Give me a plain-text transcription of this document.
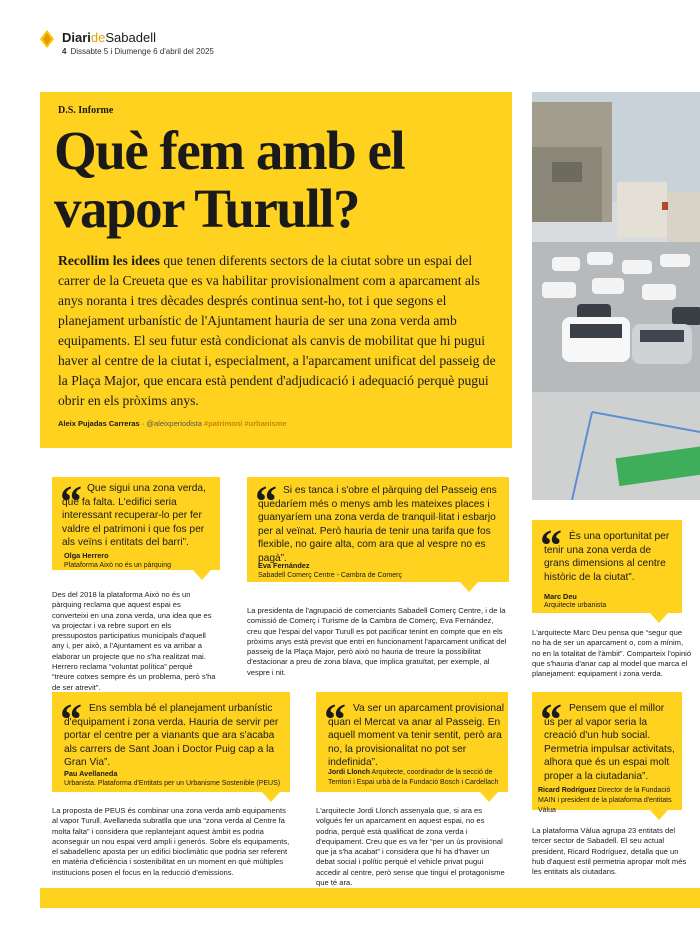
DiarideSabadell
4 Dissabte 5 i Diumenge 6 d'abril del 2025
D.S. Informe
Què fem amb el vapor Turull?

Recollim les idees que tenen diferents sectors de la ciutat sobre un espai del carrer de la Creueta que es va habilitar provisionalment com a aparcament als anys noranta i tres dècades després continua sent-ho, tot i que segons el planejament urbanístic de l'Ajuntament hauria de ser una zona verda amb equipaments. El seu futur està condicionat als canvis de mobilitat que hi pugui haver al centre de la ciutat i, especialment, a l'aparcament unificat del passeig de la Plaça Major, que encara està pendent d'adjudicació i adequació perquè pugui obrir en els pròxims anys.

Aleix Pujadas Carreras · @aleixperiodista #patrimoni #urbanisme
“ Que sigui una zona verda, que fa falta. L'edifici seria interessant recuperar-lo per fer valdre el patrimoni i que fos per als veïns i entitats del barri”.

Olga Herrero

Plataforma Això no és un pàrquing

Des del 2018 la plataforma Això no és un pàrquing reclama que aquest espai es converteixi en una zona verda, una idea que es va projectar i va rebre suport en els pressupostos participatius municipals d'aquell any i, per això, a l'Ajuntament es va arribar a elaborar un projecte que no s'ha realitzat mai. Herrero reclama “voluntat política” perquè “treure cotxes sempre és un problema, però s'ha de ser atrevit”.

“ Si es tanca i s'obre el pàrquing del Passeig ens quedaríem més o menys amb les mateixes places i guanyaríem una zona verda de tranquil·litat i esbarjo per al veïnat. Però hauria de tenir una tarifa que fos flexible, no gaire alta, com ara que al vespre no es pagà”.

Eva Fernández

Sabadell Comerç Centre - Cambra de Comerç

La presidenta de l'agrupació de comerciants Sabadell Comerç Centre, i de la comissió de Comerç i Turisme de la Cambra de Comerç, Eva Fernández, creu que l'espai del vapor Turull es pot pacificar tenint en compte que en els pròxims anys està previst que entri en funcionament l'aparcament unificat del passeig de la Plaça Major, però això no hauria de treure la possibilitat d'estacionar a preu de zona blava, que implica gratuïtat, per exemple, al vespre i nit.

“ És una oportunitat per tenir una zona verda de grans dimensions al centre històric de la ciutat”.

Marc Deu

Arquitecte urbanista

L'arquitecte Marc Deu pensa que “segur que no ha de ser un aparcament o, com a mínim, no en la totalitat de l'àmbit”. Comparteix l'opinió que s'hauria d'anar cap al model que marca el planejament: equipament i zona verda.

“ Ens sembla bé el planejament urbanístic d'equipament i zona verda. Hauria de servir per portar el centre per a vianants que ara s'acaba als carrers de Sant Joan i Doctor Puig cap a la Gran Via”.

Pau Avellaneda

Urbanista. Plataforma d'Entitats per un Urbanisme Sostenible (PEUS)

La proposta de PEUS és combinar una zona verda amb equipaments al vapor Turull. Avellaneda subratlla que una “zona verda al Centre fa molta falta” i considera que replantejant aquest àmbit es podria aconseguir un nou espai verd ampli i generós. Sobre els equipaments, el sabadellenc aposta per un edifici bioclimàtic que podria ser referent en matèria d'eficiència i sostenibilitat en un moment en què múltiples institucions posen el focus en la reducció d'emissions.

“ Va ser un aparcament provisional quan el Mercat va anar al Passeig. En aquell moment va tenir sentit, però ara no, la provisionalitat no pot ser indefinida”.

Jordi Llonch Arquitecte, coordinador de la secció de Territori i Espai urbà de la Fundació Bosch i Cardellach

L'arquitecte Jordi Llonch assenyala que, si ara es volgués fer un aparcament en aquest espai, no es podria, perquè està qualificat de zona verda i d'equipament. Creu que es va fer “per un ús provisional que ja s'ha acabat” i considera que hi ha d'haver un debat social i polític perquè el vehicle privat pugui accedir al centre, però sense que tingui el protagonisme que té ara.

“ Pensem que el millor ús per al vapor seria la creació d'un hub social. Permetria impulsar activitats, alhora que és un espai molt proper a la ciutadania”.

Ricard Rodríguez Director de la Fundació MAIN i president de la plataforma d'entitats Vàlua

La plataforma Vàlua agrupa 23 entitats del tercer sector de Sabadell. El seu actual president, Ricard Rodríguez, detalla que un hub d'aquest estil permetria apropar molt més les entitats als ciutadans.
